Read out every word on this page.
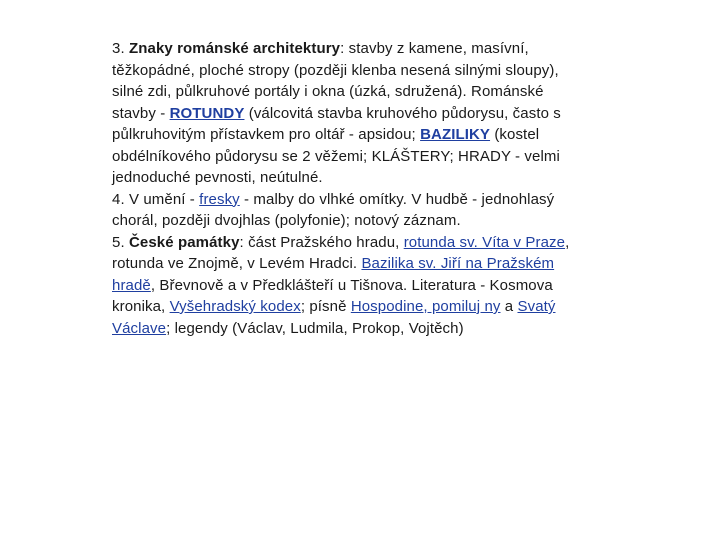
3. Znaky románské architektury: stavby z kamene, masívní,
těžkopádné, ploché stropy (později klenba nesená silnými sloupy),
silné zdi, půlkruhové portály i okna (úzká, sdružená). Románské
stavby - ROTUNDY (válcovitá stavba kruhového půdorysu, často s
půlkruhovitým přístavkem pro oltář - apsidou; BAZILIKY (kostel
obdélníkového půdorysu se 2 věžemi; KLÁŠTERY; HRADY - velmi
jednoduché pevnosti, neútulné.
4. V umění - fresky - malby do vlhké omítky. V hudbě - jednohlasý
chorál, později dvojhlas (polyfonie); notový záznam.
5. České památky: část Pražského hradu, rotunda sv. Víta v Praze,
rotunda ve Znojmě, v Levém Hradci. Bazilika sv. Jiří na Pražském
hradě, Břevnově a v Předklášteří u Tišnova. Literatura - Kosmova
kronika, Vyšehradský kodex; písně Hospodine, pomiluj ny a Svatý
Václave; legendy (Václav, Ludmila, Prokop, Vojtěch)
